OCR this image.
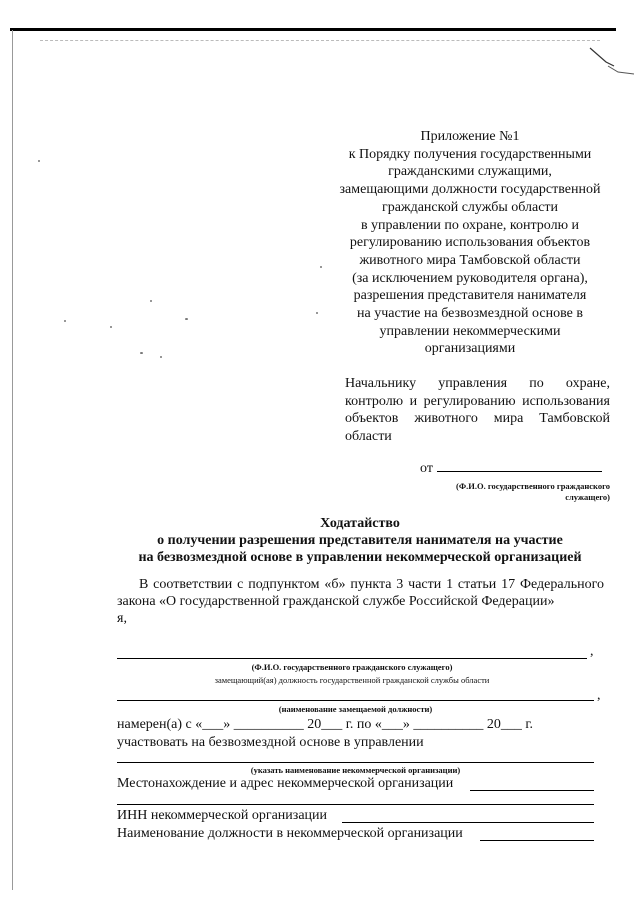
Приложение №1
к Порядку получения государственными
гражданскими служащими,
замещающими должности государственной
гражданской службы области
в управлении по охране, контролю и
регулированию использования объектов
животного мира Тамбовской области
(за исключением руководителя органа),
разрешения представителя нанимателя
на участие на безвозмездной основе в
управлении некоммерческими
организациями
Начальнику управления по охране, контролю и регулированию использования объектов животного мира Тамбовской области
от
(Ф.И.О. государственного гражданского
служащего)
Ходатайство
о получении разрешения представителя нанимателя на участие
на безвозмездной основе в управлении некоммерческой организацией
В соответствии с подпунктом «б» пункта 3 части 1 статьи 17 Федерального закона «О государственной гражданской службе Российской Федерации»
я,
,
(Ф.И.О. государственного гражданского служащего)
замещающий(ая) должность государственной гражданской службы области
,
(наименование замещаемой должности)
намерен(а) с «___» __________ 20___ г. по «___» __________ 20___ г.
участвовать на безвозмездной основе в управлении
(указать наименование некоммерческой организации)
Местонахождение и адрес некоммерческой организации
ИНН некоммерческой организации
Наименование должности в некоммерческой организации
